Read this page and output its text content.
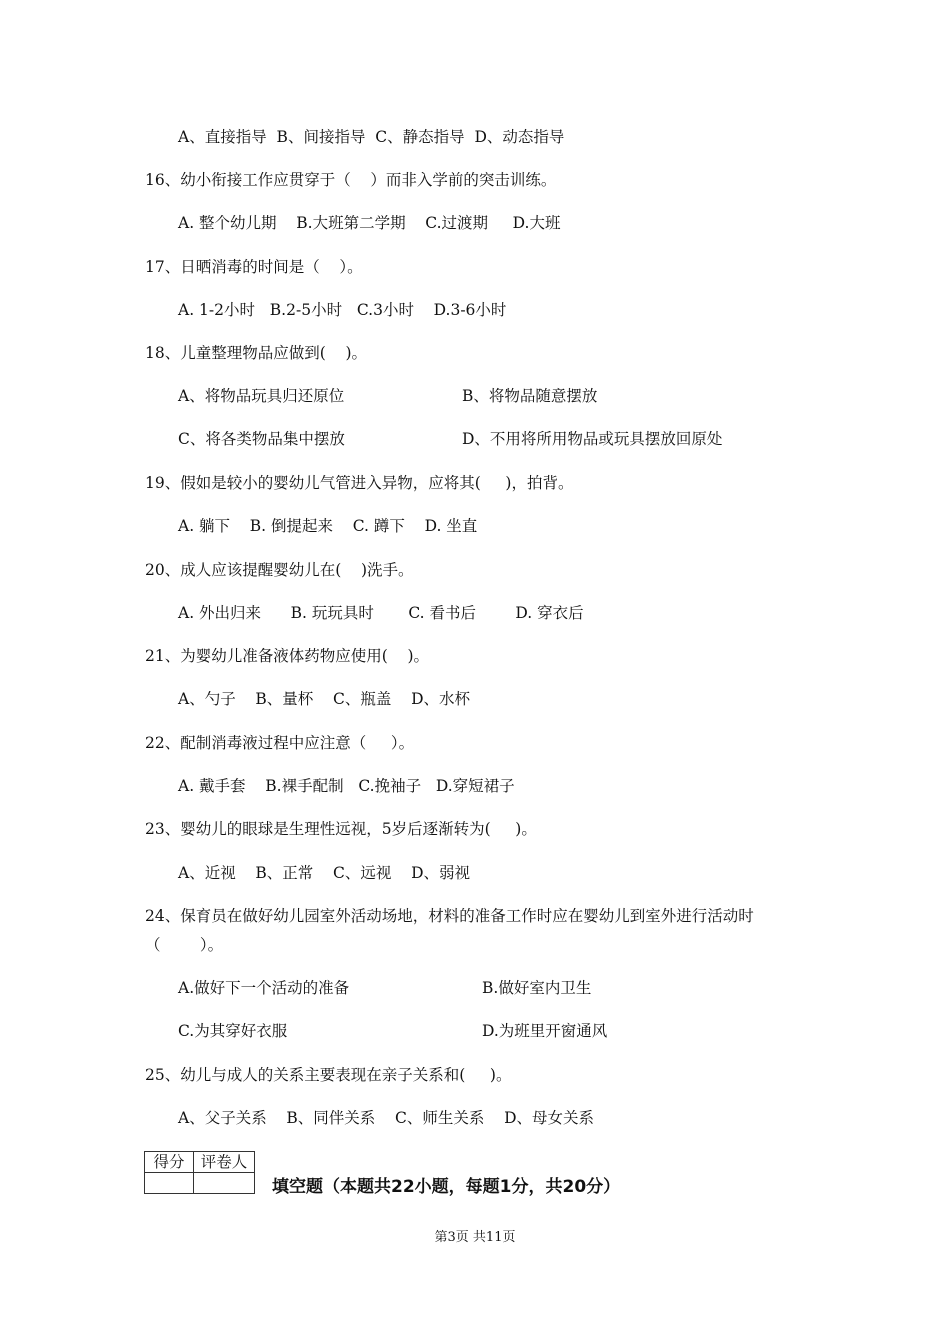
A、直接指导  B、间接指导  C、静态指导  D、动态指导
16、幼小衔接工作应贯穿于（    ）而非入学前的突击训练。
A. 整个幼儿期    B.大班第二学期    C.过渡期     D.大班
17、日晒消毒的时间是（    ）。
A. 1-2小时   B.2-5小时   C.3小时    D.3-6小时
18、儿童整理物品应做到(    )。
A、将物品玩具归还原位	B、将物品随意摆放
C、将各类物品集中摆放	D、不用将所用物品或玩具摆放回原处
19、假如是较小的婴幼儿气管进入异物，应将其(     )，拍背。
A. 躺下    B. 倒提起来    C. 蹲下    D. 坐直
20、成人应该提醒婴幼儿在(    )洗手。
A. 外出归来      B. 玩玩具时       C. 看书后        D. 穿衣后
21、为婴幼儿准备液体药物应使用(    )。
A、勺子    B、量杯    C、瓶盖    D、水杯
22、配制消毒液过程中应注意（     ）。
A. 戴手套    B.裸手配制   C.挽袖子   D.穿短裙子
23、婴幼儿的眼球是生理性远视，5岁后逐渐转为(     )。
A、近视    B、正常    C、远视    D、弱视
24、保育员在做好幼儿园室外活动场地，材料的准备工作时应在婴幼儿到室外进行活动时
（        ）。
A.做好下一个活动的准备	B.做好室内卫生
C.为其穿好衣服	D.为班里开窗通风
25、幼儿与成人的关系主要表现在亲子关系和(     )。
A、父子关系    B、同伴关系    C、师生关系    D、母女关系
得分	评卷人

填空题（本题共22小题，每题1分，共20分）
第3页 共11页
